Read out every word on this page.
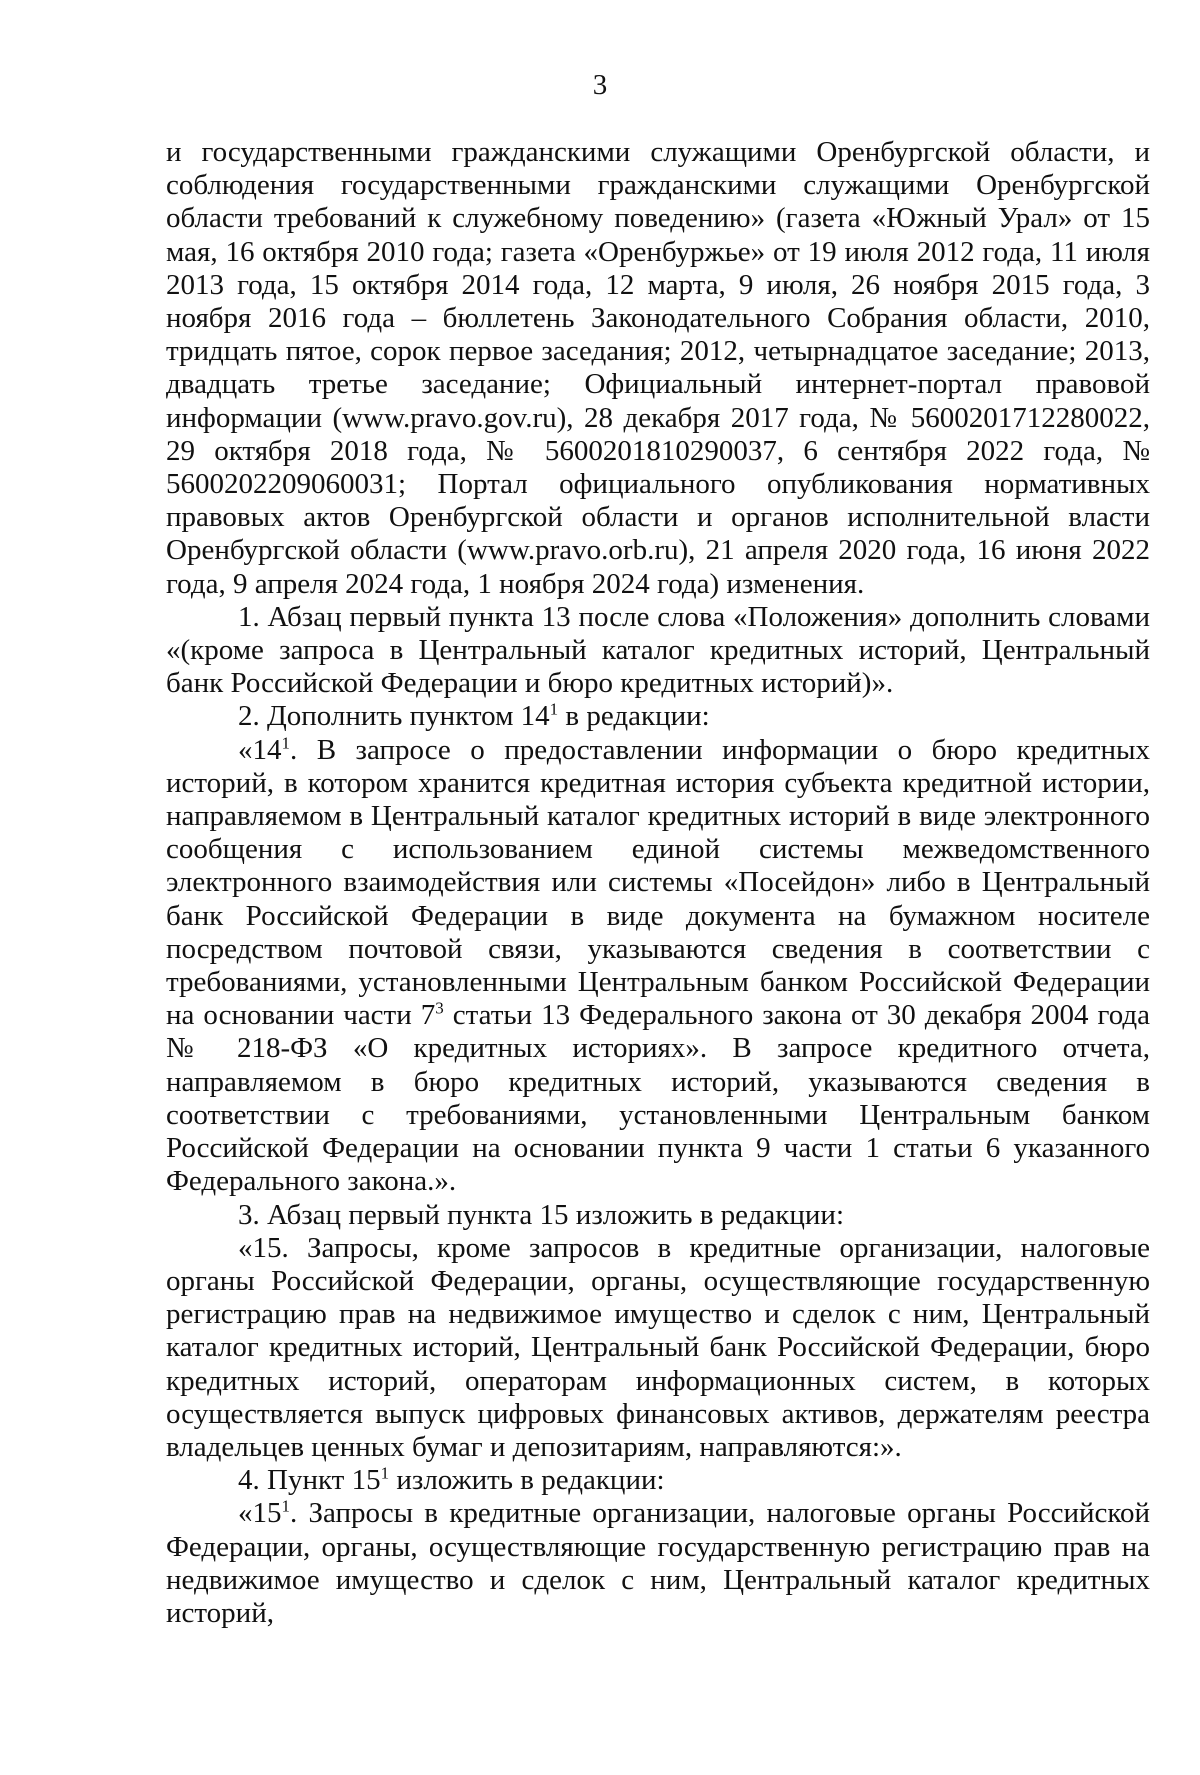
3

и государственными гражданскими служащими Оренбургской области, и соблюдения государственными гражданскими служащими Оренбургской области требований к служебному поведению» (газета «Южный Урал» от 15 мая, 16 октября 2010 года; газета «Оренбуржье» от 19 июля 2012 года, 11 июля 2013 года, 15 октября 2014 года, 12 марта, 9 июля, 26 ноября 2015 года, 3 ноября 2016 года – бюллетень Законодательного Собрания области, 2010, тридцать пятое, сорок первое заседания; 2012, четырнадцатое заседание; 2013, двадцать третье заседание; Официальный интернет-портал правовой информации (www.pravo.gov.ru), 28 декабря 2017 года, № 5600201712280022, 29 октября 2018 года, № 5600201810290037, 6 сентября 2022 года, № 5600202209060031; Портал официального опубликования нормативных правовых актов Оренбургской области и органов исполнительной власти Оренбургской области (www.pravo.orb.ru), 21 апреля 2020 года, 16 июня 2022 года, 9 апреля 2024 года, 1 ноября 2024 года) изменения.

1. Абзац первый пункта 13 после слова «Положения» дополнить словами «(кроме запроса в Центральный каталог кредитных историй, Центральный банк Российской Федерации и бюро кредитных историй)».

2. Дополнить пунктом $14^1$ в редакции:

«$14^1$. В запросе о предоставлении информации о бюро кредитных историй, в котором хранится кредитная история субъекта кредитной истории, направляемом в Центральный каталог кредитных историй в виде электронного сообщения с использованием единой системы межведомственного электронного взаимодействия или системы «Посейдон» либо в Центральный банк Российской Федерации в виде документа на бумажном носителе посредством почтовой связи, указываются сведения в соответствии с требованиями, установленными Центральным банком Российской Федерации на основании части $7^3$ статьи 13 Федерального закона от 30 декабря 2004 года № 218-ФЗ «О кредитных историях». В запросе кредитного отчета, направляемом в бюро кредитных историй, указываются сведения в соответствии с требованиями, установленными Центральным банком Российской Федерации на основании пункта 9 части 1 статьи 6 указанного Федерального закона.».

3. Абзац первый пункта 15 изложить в редакции:

«15. Запросы, кроме запросов в кредитные организации, налоговые органы Российской Федерации, органы, осуществляющие государственную регистрацию прав на недвижимое имущество и сделок с ним, Центральный каталог кредитных историй, Центральный банк Российской Федерации, бюро кредитных историй, операторам информационных систем, в которых осуществляется выпуск цифровых финансовых активов, держателям реестра владельцев ценных бумаг и депозитариям, направляются:».

4. Пункт $15^1$ изложить в редакции:

«$15^1$. Запросы в кредитные организации, налоговые органы Российской Федерации, органы, осуществляющие государственную регистрацию прав на недвижимое имущество и сделок с ним, Центральный каталог кредитных историй,
